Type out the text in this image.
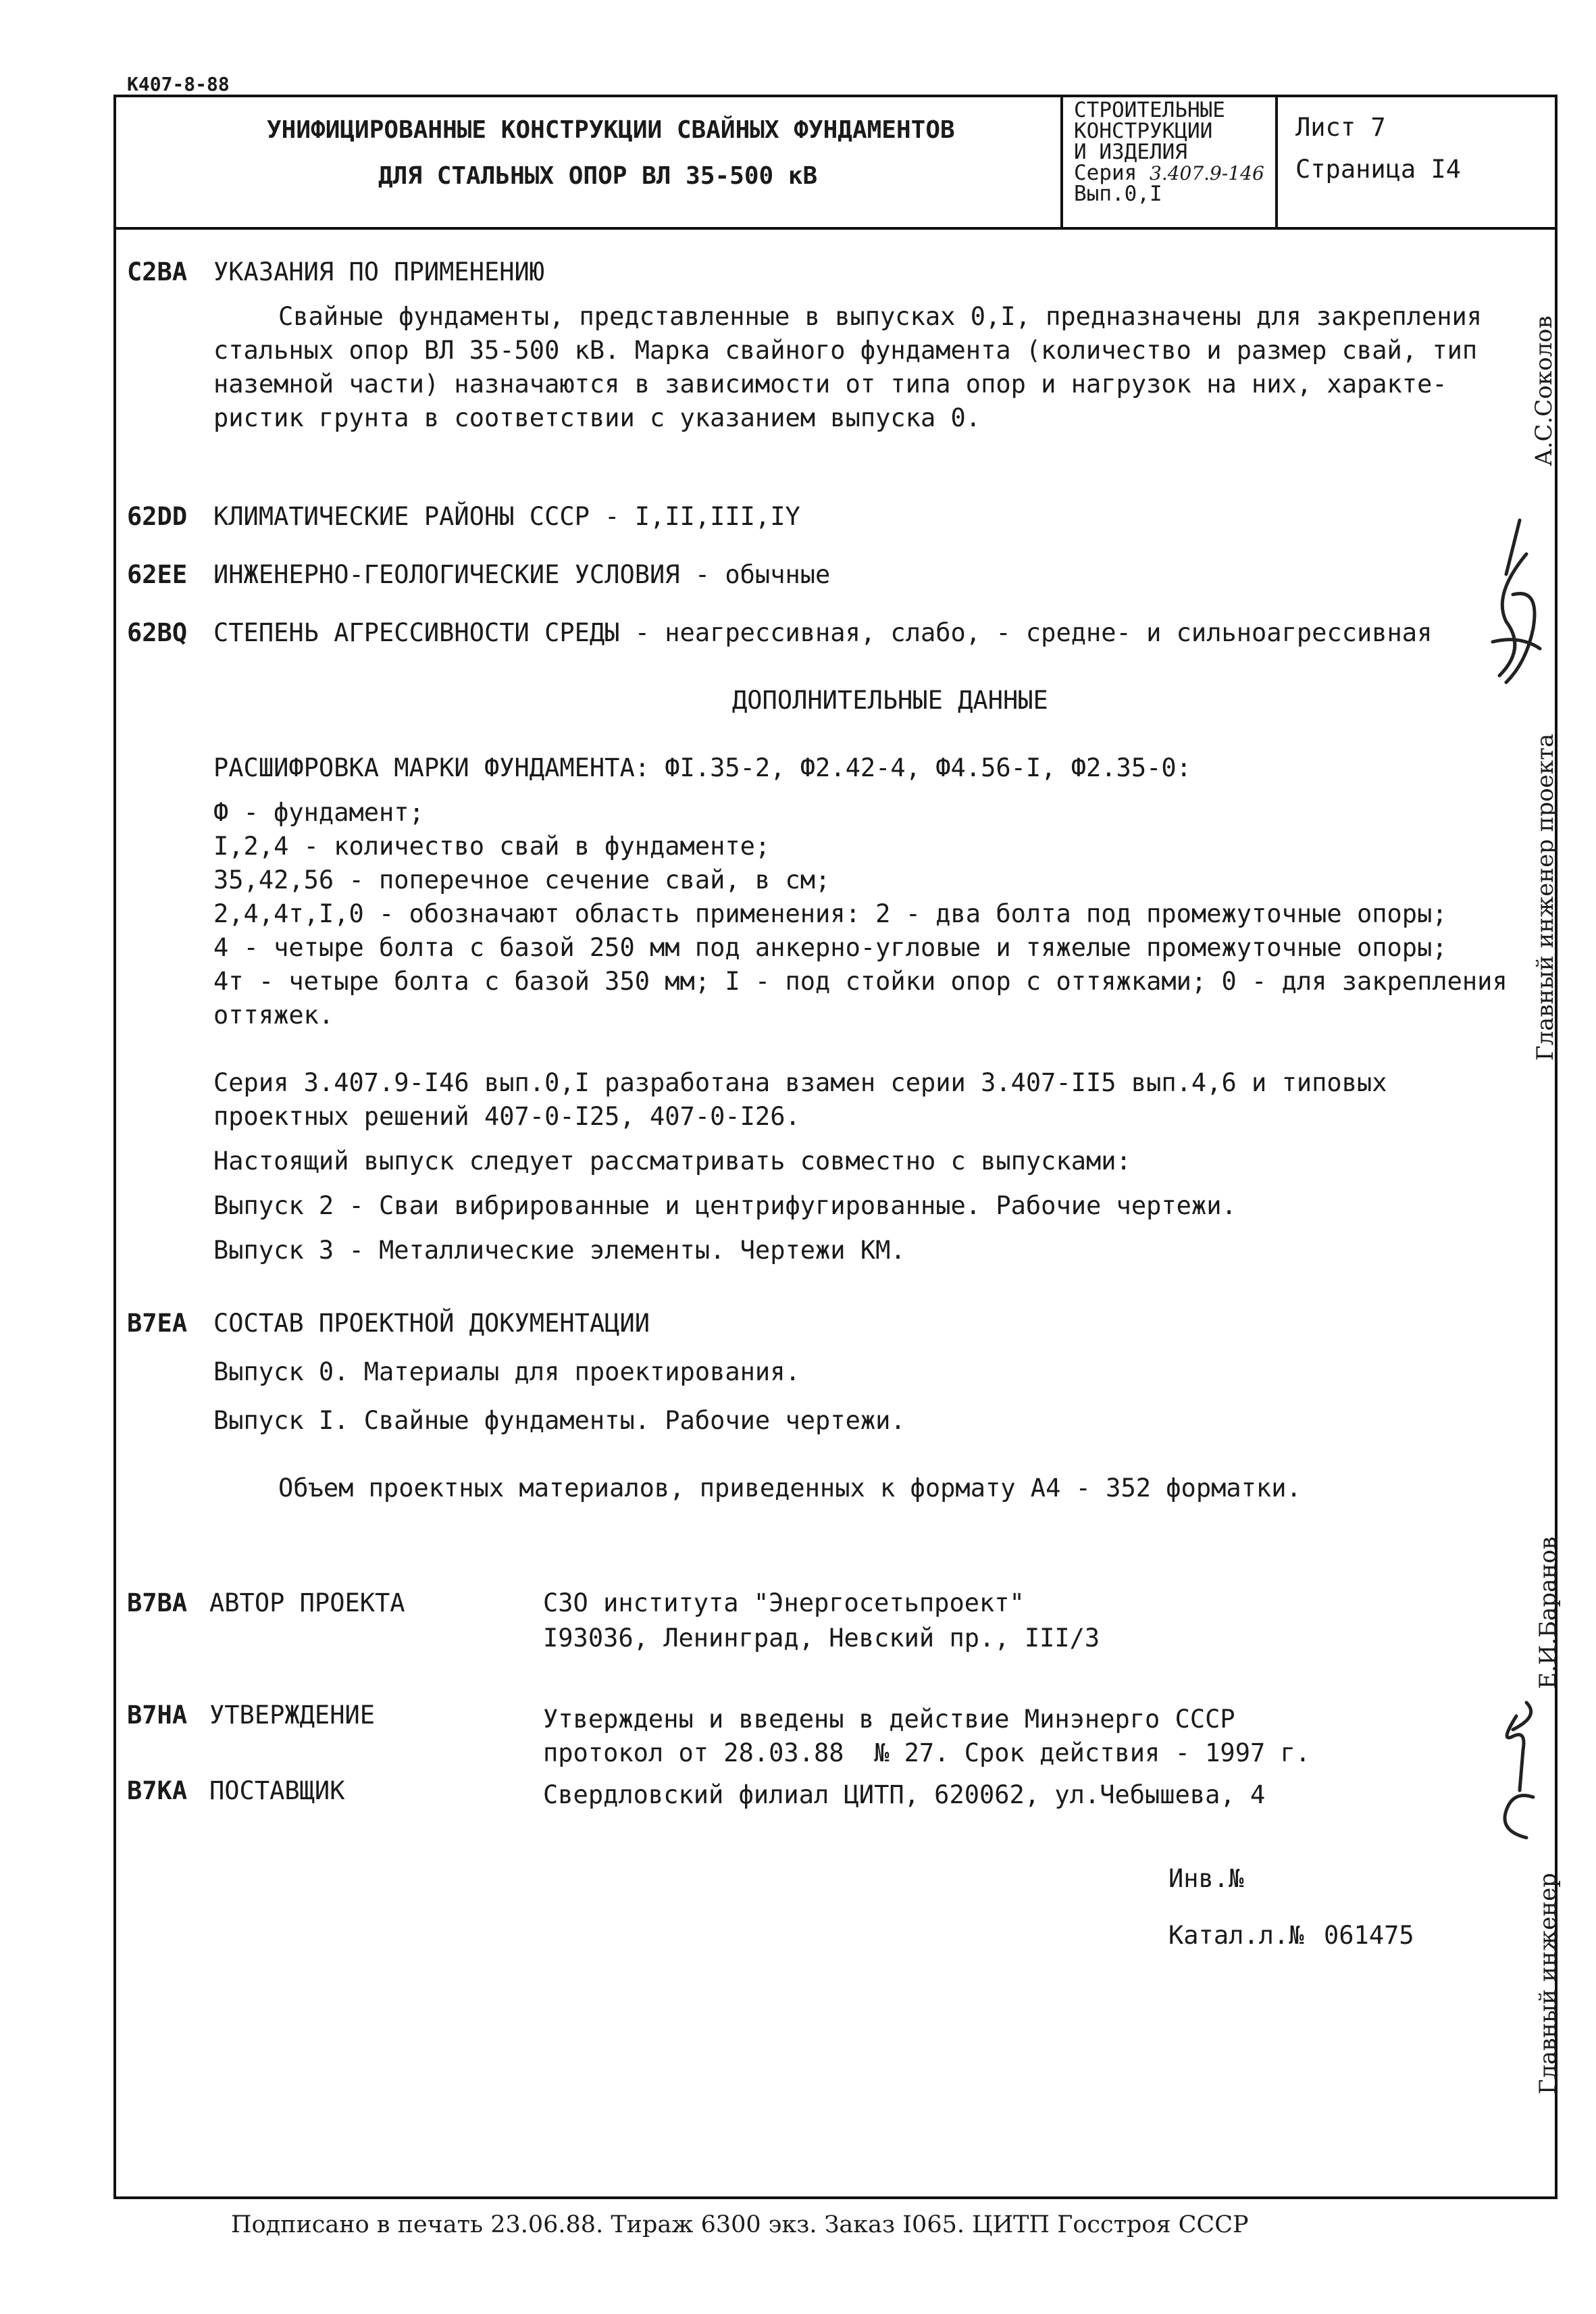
К407-8-88
УНИФИЦИРОВАННЫЕ КОНСТРУКЦИИ СВАЙНЫХ ФУНДАМЕНТОВ
ДЛЯ СТАЛЬНЫХ ОПОР ВЛ 35-500 кВ
СТРОИТЕЛЬНЫЕ
КОНСТРУКЦИИ
И ИЗДЕЛИЯ
Серия 3.407.9-146
Вып.0,I
Лист 7
Страница I4
С2ВА УКАЗАНИЯ ПО ПРИМЕНЕНИЮ
Свайные фундаменты, представленные в выпусках 0,I, предназначены для закрепления
стальных опор ВЛ 35-500 кВ. Марка свайного фундамента (количество и размер свай, тип
наземной части) назначаются в зависимости от типа опор и нагрузок на них, характе-
ристик грунта в соответствии с указанием выпуска 0.
62DD КЛИМАТИЧЕСКИЕ РАЙОНЫ СССР - I,II,III,IY
62ЕЕ ИНЖЕНЕРНО-ГЕОЛОГИЧЕСКИЕ УСЛОВИЯ - обычные
62ВQ СТЕПЕНЬ АГРЕССИВНОСТИ СРЕДЫ - неагрессивная, слабо, - средне- и сильноагрессивная
ДОПОЛНИТЕЛЬНЫЕ ДАННЫЕ
РАСШИФРОВКА МАРКИ ФУНДАМЕНТА: ФI.35-2, Ф2.42-4, Ф4.56-I, Ф2.35-0:
Ф - фундамент;
I,2,4 - количество свай в фундаменте;
35,42,56 - поперечное сечение свай, в см;
2,4,4т,I,0 - обозначают область применения: 2 - два болта под промежуточные опоры;
4 - четыре болта с базой 250 мм под анкерно-угловые и тяжелые промежуточные опоры;
4т - четыре болта с базой 350 мм; I - под стойки опор с оттяжками; 0 - для закрепления
оттяжек.
Серия 3.407.9-I46 вып.0,I разработана взамен серии 3.407-II5 вып.4,6 и типовых
проектных решений 407-0-I25, 407-0-I26.
Настоящий выпуск следует рассматривать совместно с выпусками:
Выпуск 2 - Сваи вибрированные и центрифугированные. Рабочие чертежи.
Выпуск 3 - Металлические элементы. Чертежи КМ.
В7ЕА СОСТАВ ПРОЕКТНОЙ ДОКУМЕНТАЦИИ
Выпуск 0. Материалы для проектирования.
Выпуск I. Свайные фундаменты. Рабочие чертежи.
Объем проектных материалов, приведенных к формату А4 - 352 форматки.
В7ВА АВТОР ПРОЕКТА	СЗО института "Энергосетьпроект"
I93036, Ленинград, Невский пр., III/3
В7НА УТВЕРЖДЕНИЕ	Утверждены и введены в действие Минэнерго СССР
протокол от 28.03.88  № 27. Срок действия - 1997 г.
В7КА ПОСТАВЩИК	Свердловский филиал ЦИТП, 620062, ул.Чебышева, 4
Инв.№
Катал.л.№ 061475
А.С.Соколов
Главный инженер проекта
Е.И.Баранов
Главный инженер
Подписано в печать 23.06.88. Тираж 6300 экз. Заказ I065. ЦИТП Госстроя СССР
